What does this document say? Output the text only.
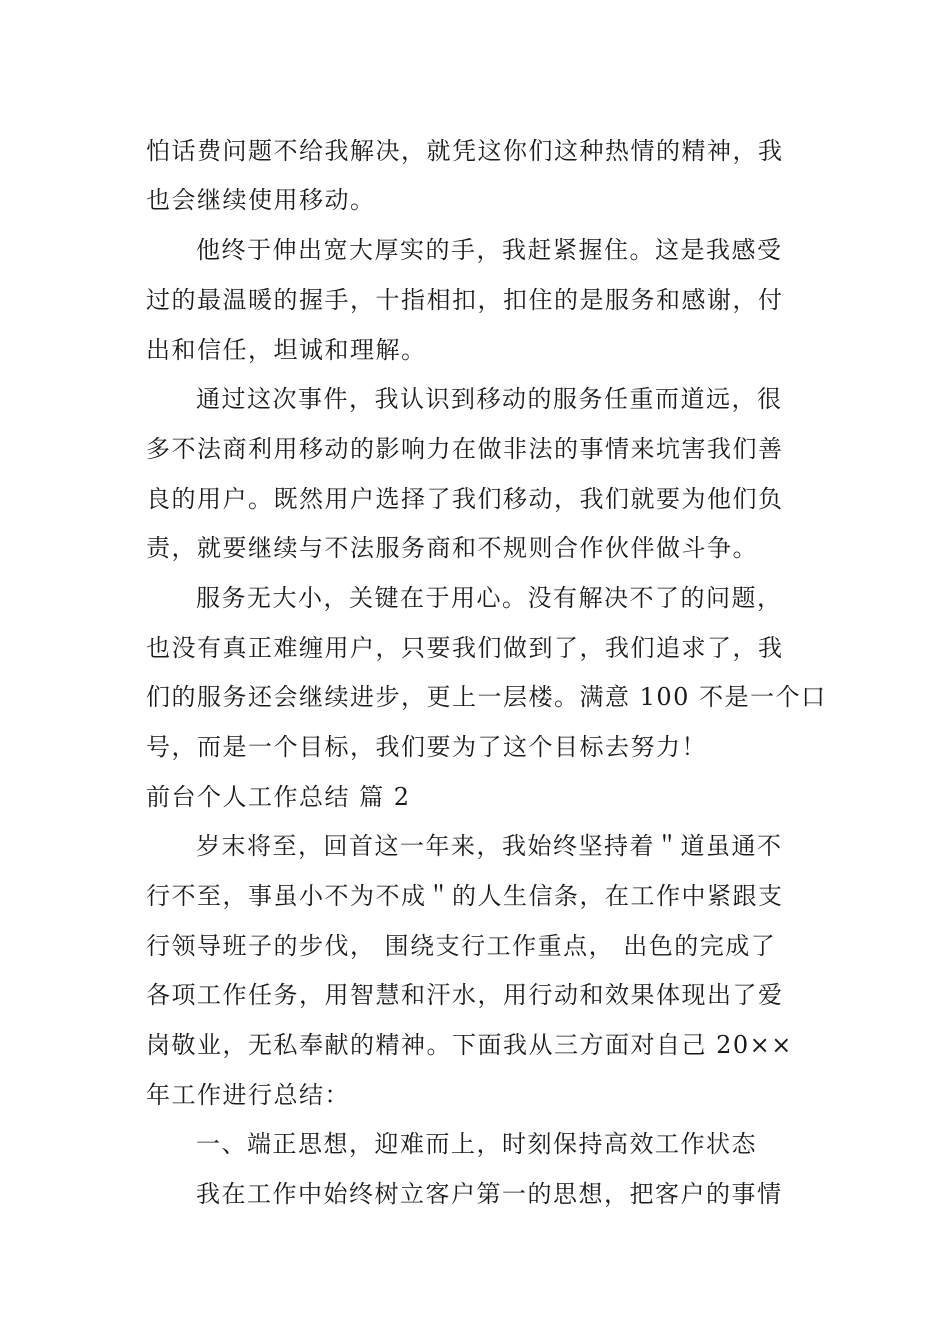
怕话费问题不给我解决，就凭这你们这种热情的精神，我
也会继续使用移动。
他终于伸出宽大厚实的手，我赶紧握住。这是我感受
过的最温暖的握手，十指相扣，扣住的是服务和感谢，付
出和信任，坦诚和理解。
通过这次事件，我认识到移动的服务任重而道远，很
多不法商利用移动的影响力在做非法的事情来坑害我们善
良的用户。既然用户选择了我们移动，我们就要为他们负
责，就要继续与不法服务商和不规则合作伙伴做斗争。
服务无大小，关键在于用心。没有解决不了的问题，
也没有真正难缠用户，只要我们做到了，我们追求了，我
们的服务还会继续进步，更上一层楼。满意 100 不是一个口
号，而是一个目标，我们要为了这个目标去努力！
前台个人工作总结 篇 2
岁末将至，回首这一年来，我始终坚持着＂道虽通不
行不至，事虽小不为不成＂的人生信条，在工作中紧跟支
行领导班子的步伐， 围绕支行工作重点， 出色的完成了
各项工作任务，用智慧和汗水，用行动和效果体现出了爱
岗敬业，无私奉献的精神。下面我从三方面对自己 20××
年工作进行总结：
一、端正思想，迎难而上，时刻保持高效工作状态
我在工作中始终树立客户第一的思想，把客户的事情
